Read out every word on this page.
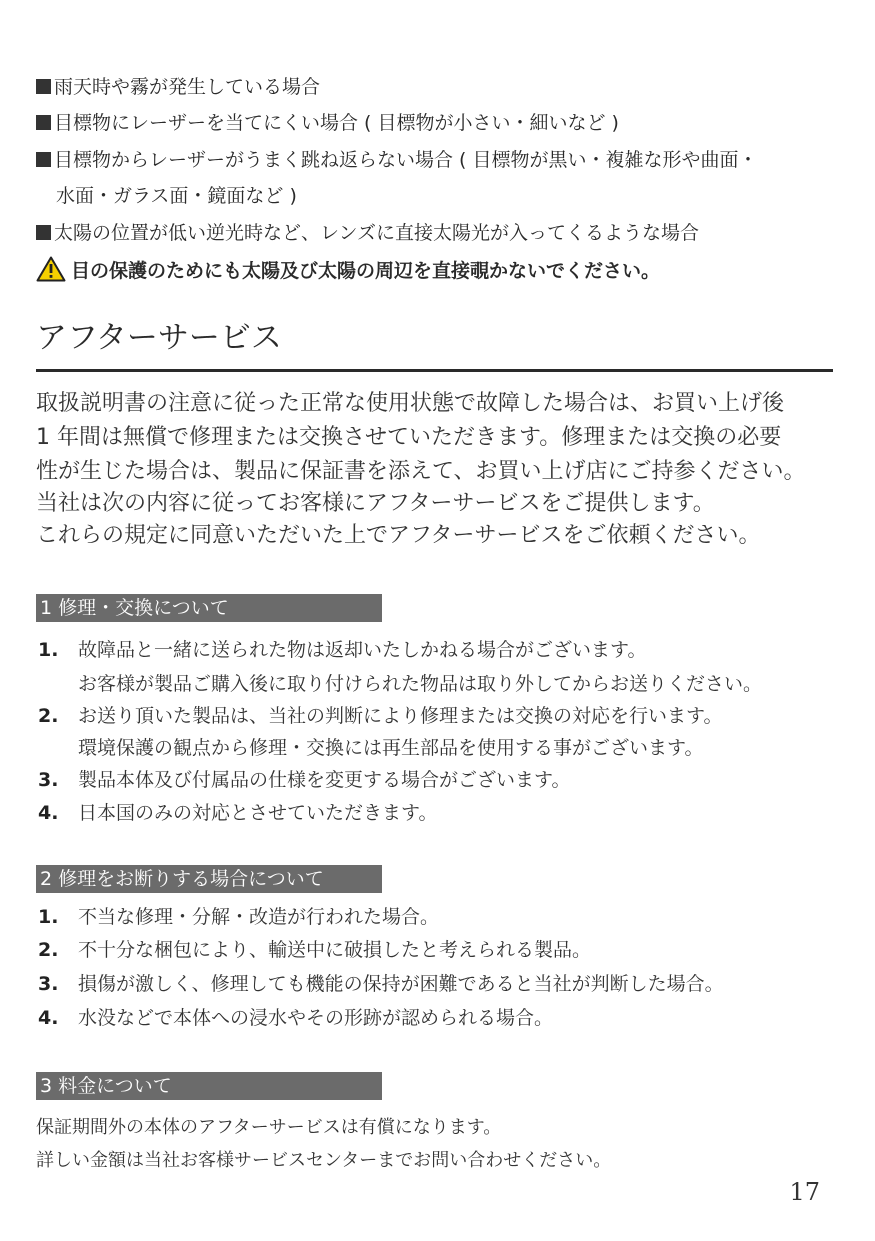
雨天時や霧が発生している場合
目標物にレーザーを当てにくい場合 ( 目標物が小さい・細いなど )
目標物からレーザーがうまく跳ね返らない場合 ( 目標物が黒い・複雑な形や曲面・
水面・ガラス面・鏡面など )
太陽の位置が低い逆光時など、レンズに直接太陽光が入ってくるような場合
目の保護のためにも太陽及び太陽の周辺を直接覗かないでください。
アフターサービス
取扱説明書の注意に従った正常な使用状態で故障した場合は、お買い上げ後
1 年間は無償で修理または交換させていただきます。修理または交換の必要
性が生じた場合は、製品に保証書を添えて、お買い上げ店にご持参ください。
当社は次の内容に従ってお客様にアフターサービスをご提供します。
これらの規定に同意いただいた上でアフターサービスをご依頼ください。
1 修理・交換について
1. 故障品と一緒に送られた物は返却いたしかねる場合がございます。
お客様が製品ご購入後に取り付けられた物品は取り外してからお送りください。
2. お送り頂いた製品は、当社の判断により修理または交換の対応を行います。
環境保護の観点から修理・交換には再生部品を使用する事がございます。
3. 製品本体及び付属品の仕様を変更する場合がございます。
4. 日本国のみの対応とさせていただきます。
2 修理をお断りする場合について
1. 不当な修理・分解・改造が行われた場合。
2. 不十分な梱包により、輸送中に破損したと考えられる製品。
3. 損傷が激しく、修理しても機能の保持が困難であると当社が判断した場合。
4. 水没などで本体への浸水やその形跡が認められる場合。
3 料金について
保証期間外の本体のアフターサービスは有償になります。
詳しい金額は当社お客様サービスセンターまでお問い合わせください。
17
